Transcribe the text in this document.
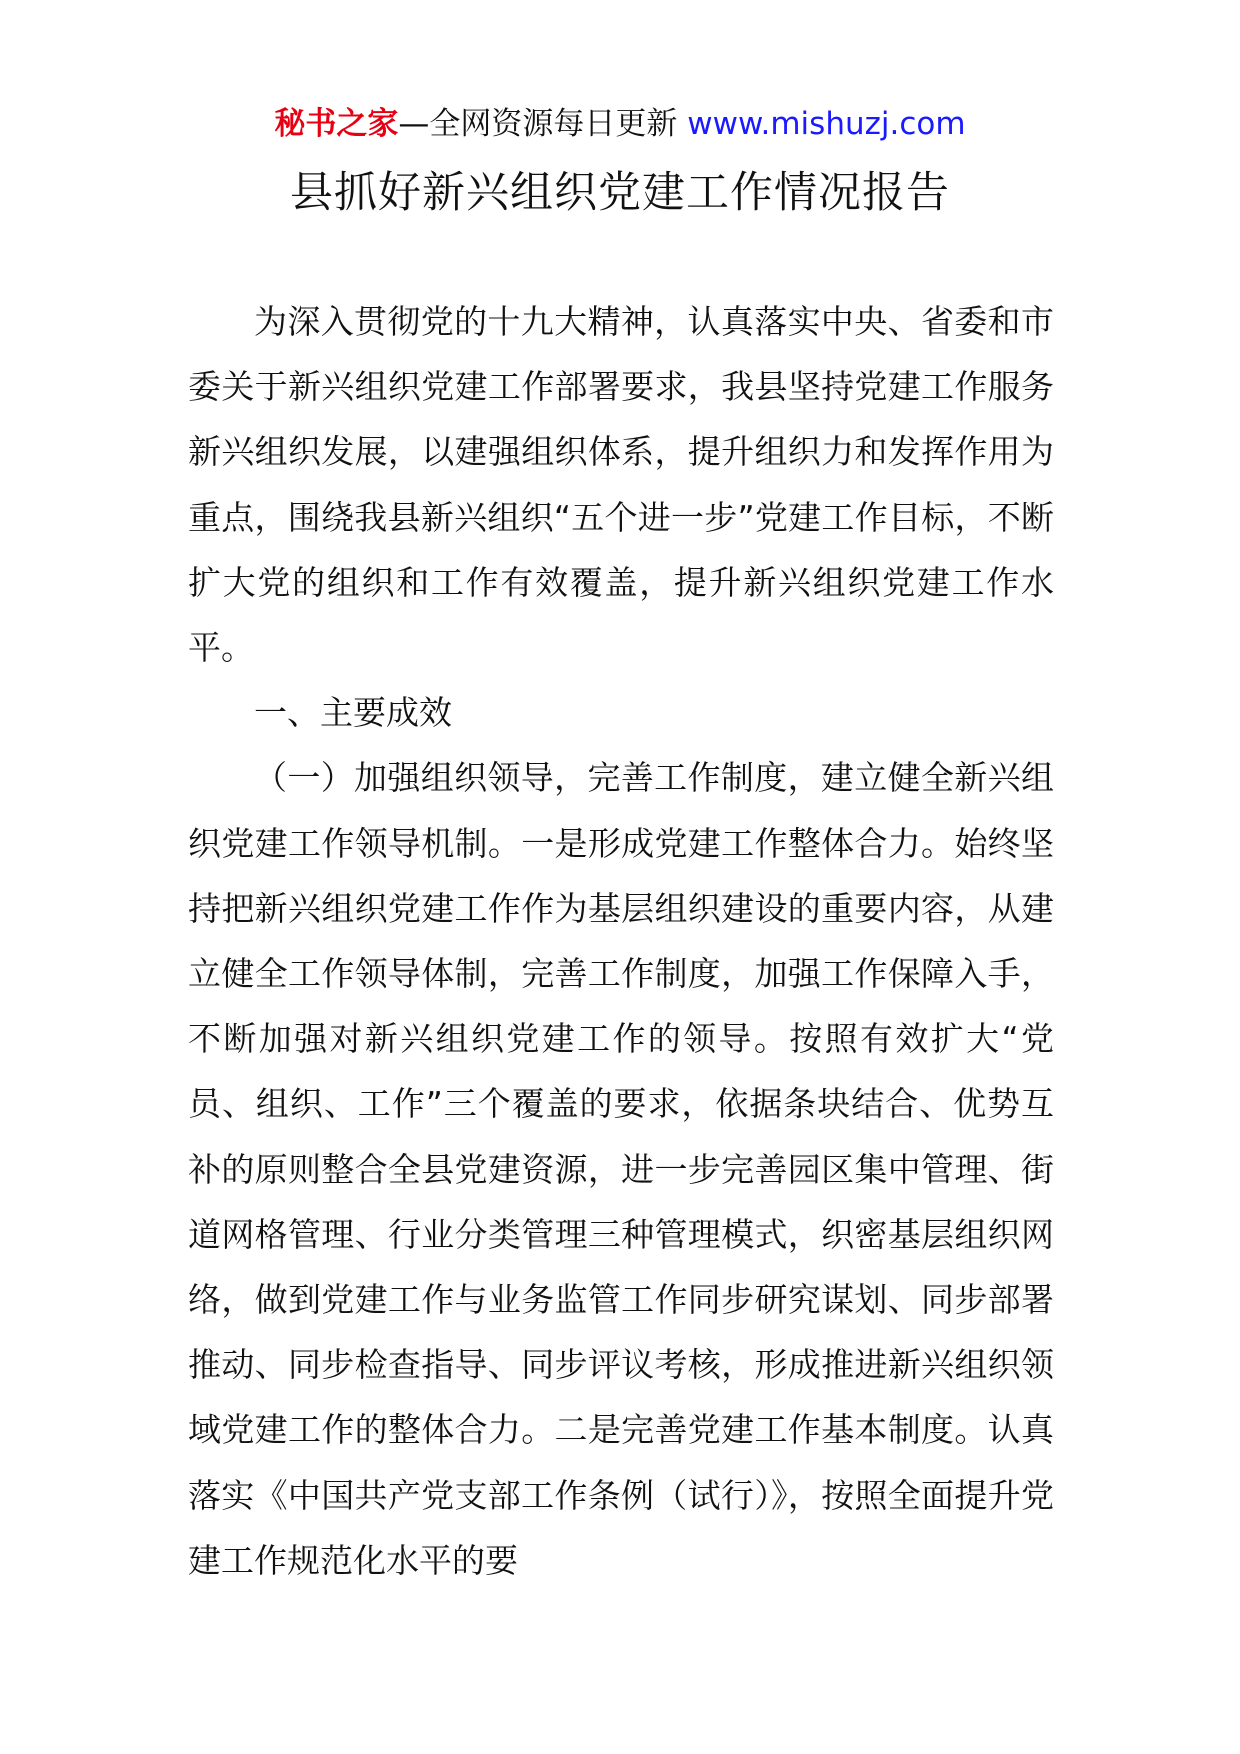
秘书之家—全网资源每日更新 www.mishuzj.com
县抓好新兴组织党建工作情况报告

为深入贯彻党的十九大精神，认真落实中央、省委和市委关于新兴组织党建工作部署要求，我县坚持党建工作服务新兴组织发展，以建强组织体系，提升组织力和发挥作用为重点，围绕我县新兴组织“五个进一步”党建工作目标，不断扩大党的组织和工作有效覆盖，提升新兴组织党建工作水平。

一、主要成效

（一）加强组织领导，完善工作制度，建立健全新兴组织党建工作领导机制。一是形成党建工作整体合力。始终坚持把新兴组织党建工作作为基层组织建设的重要内容，从建立健全工作领导体制，完善工作制度，加强工作保障入手，不断加强对新兴组织党建工作的领导。按照有效扩大“党员、组织、工作”三个覆盖的要求，依据条块结合、优势互补的原则整合全县党建资源，进一步完善园区集中管理、街道网格管理、行业分类管理三种管理模式，织密基层组织网络，做到党建工作与业务监管工作同步研究谋划、同步部署推动、同步检查指导、同步评议考核，形成推进新兴组织领域党建工作的整体合力。二是完善党建工作基本制度。认真落实《中国共产党支部工作条例（试行）》，按照全面提升党建工作规范化水平的要
